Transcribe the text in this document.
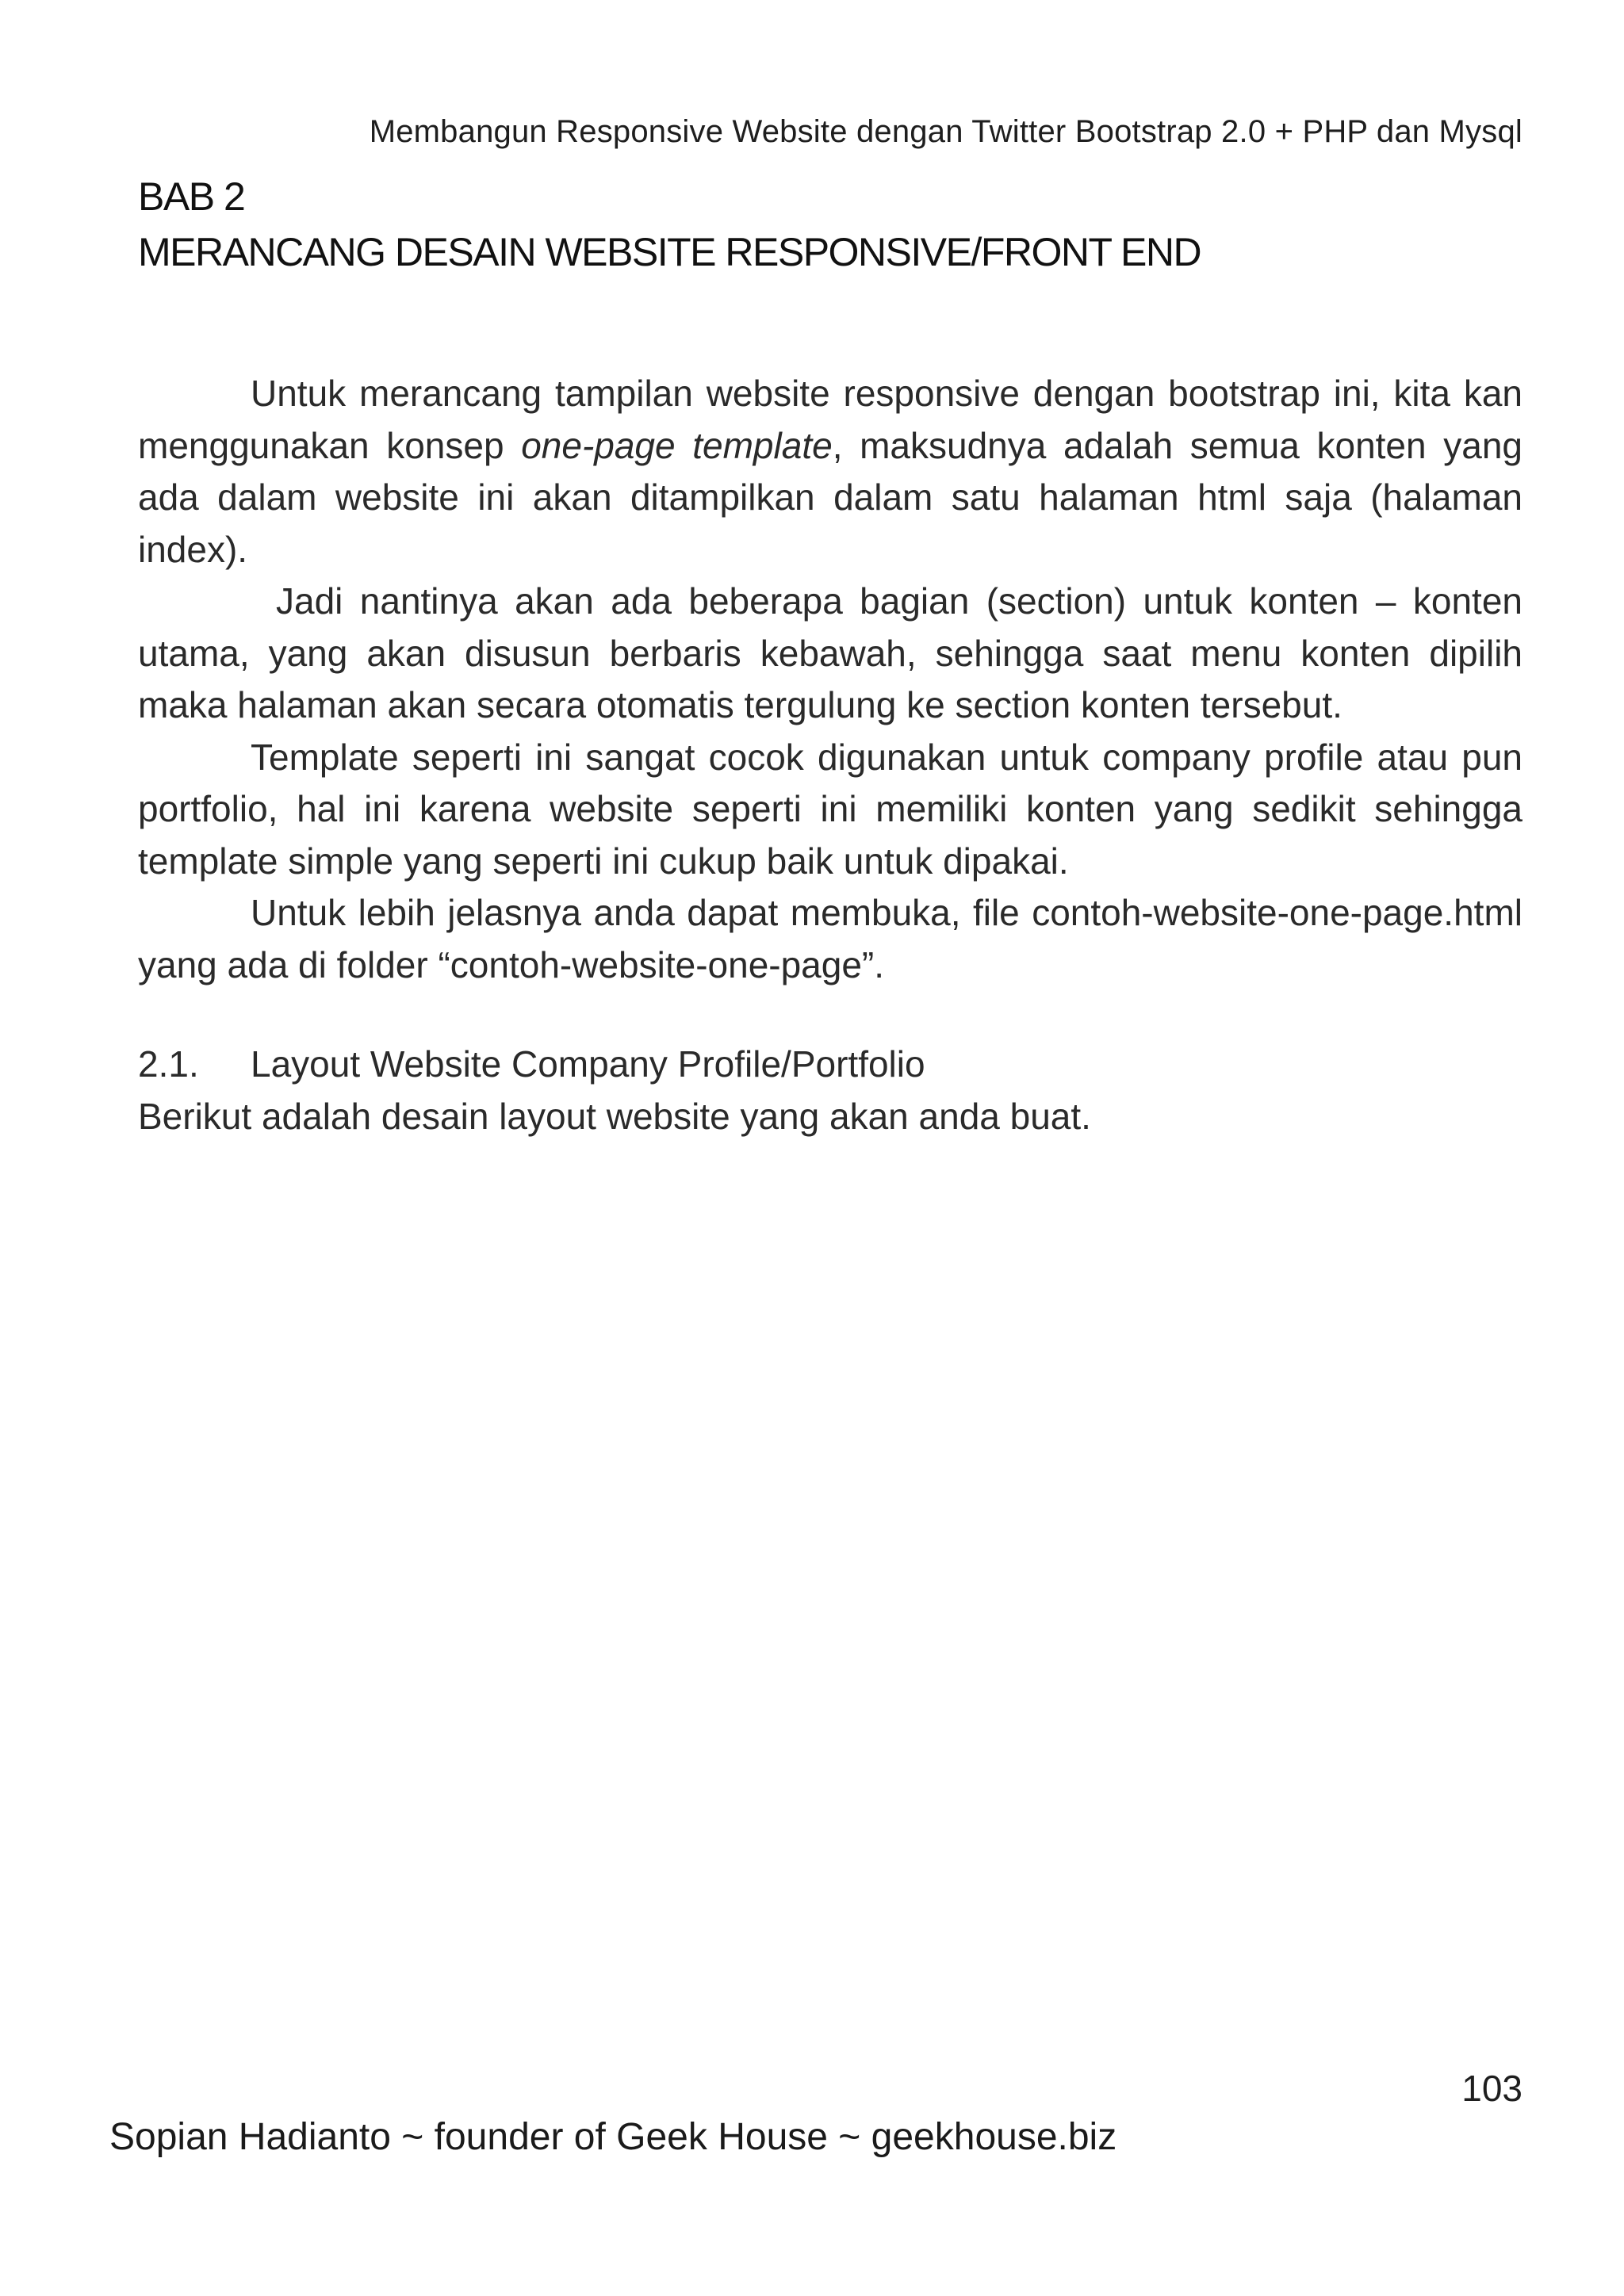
Membangun Responsive Website dengan Twitter Bootstrap 2.0 + PHP dan Mysql
BAB 2
MERANCANG DESAIN WEBSITE RESPONSIVE/FRONT END

Untuk merancang tampilan website responsive dengan bootstrap ini, kita kan menggunakan konsep one-page template, maksudnya adalah semua konten yang ada dalam website ini akan ditampilkan dalam satu halaman html saja (halaman index).

Jadi nantinya akan ada beberapa bagian (section) untuk konten – konten utama, yang akan disusun berbaris kebawah, sehingga saat menu konten dipilih maka halaman akan secara otomatis tergulung ke section konten tersebut.

Template seperti ini sangat cocok digunakan untuk company profile atau pun portfolio, hal ini karena website seperti ini memiliki konten yang sedikit sehingga template simple yang seperti ini cukup baik untuk dipakai.

Untuk lebih jelasnya anda dapat membuka, file contoh-website-one-page.html yang ada di folder “contoh-website-one-page”.

2.1. Layout Website Company Profile/Portfolio
Berikut adalah desain layout website yang akan anda buat.
103
Sopian Hadianto ~ founder of Geek House ~ geekhouse.biz
